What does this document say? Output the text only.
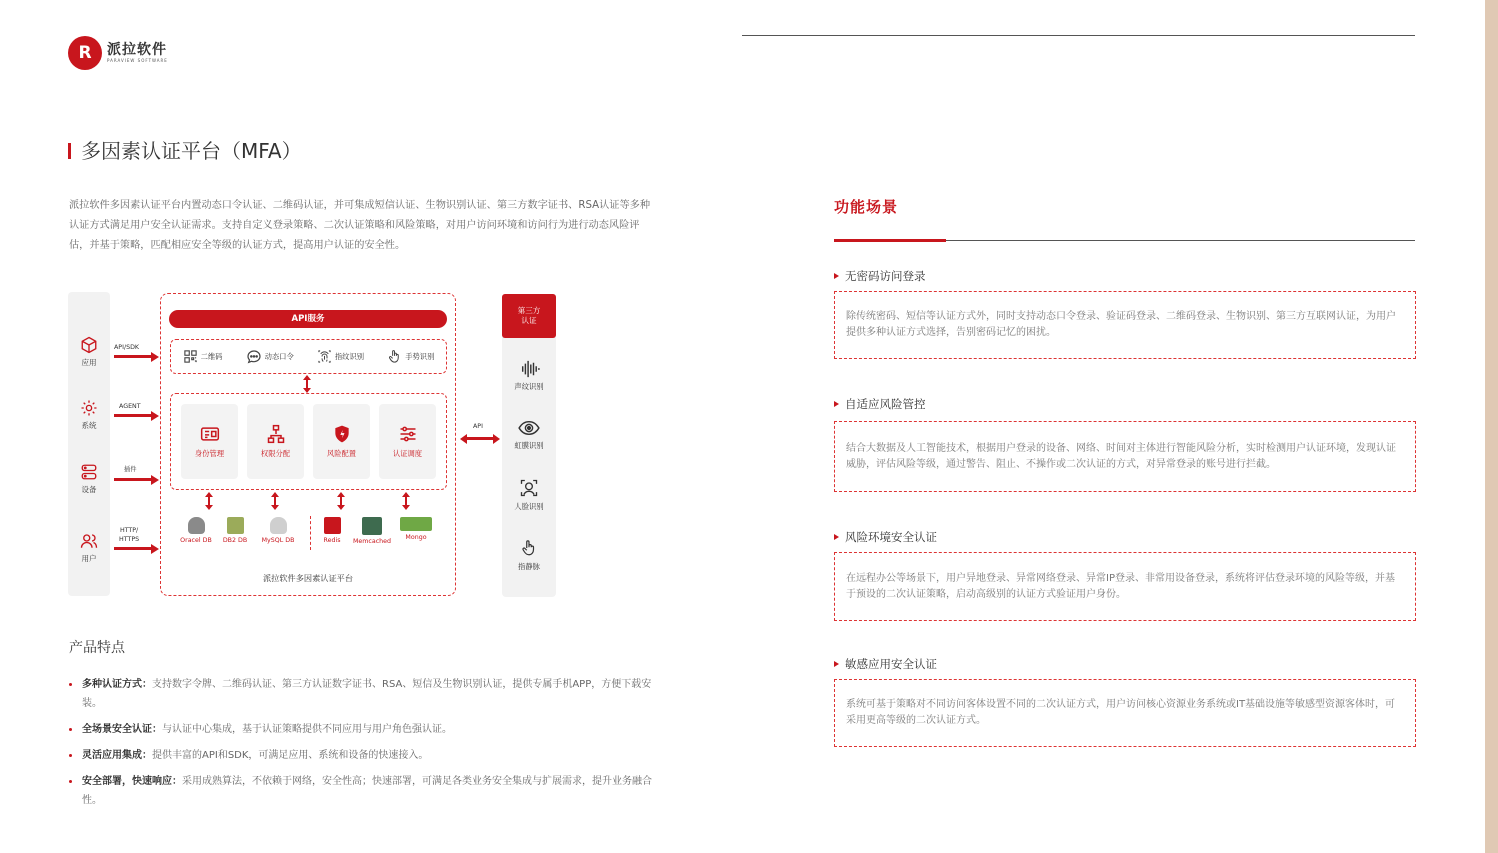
R	派拉软件
PARAVIEW SOFTWARE
多因素认证平台（MFA）
派拉软件多因素认证平台内置动态口令认证、二维码认证，并可集成短信认证、生物识别认证、第三方数字证书、RSA认证等多种认证方式满足用户安全认证需求。支持自定义登录策略、二次认证策略和风险策略，对用户访问环境和访问行为进行动态风险评估，并基于策略，匹配相应安全等级的认证方式，提高用户认证的安全性。
应用
系统
设备
用户
API/SDK
AGENT
插件
HTTP/
HTTPS
API服务
二维码	动态口令	指纹识别	手势识别
身份管理	权限分配	风险配置	认证调度
Oracel DB	DB2 DB	MySQL DB	Redis	Memcached
Mongo
派拉软件多因素认证平台
API
第三方
认证
声纹识别
虹膜识别
人脸识别
指静脉
产品特点
多种认证方式：支持数字令牌、二维码认证、第三方认证数字证书、RSA、短信及生物识别认证，提供专属手机APP，方便下载安装。
全场景安全认证：与认证中心集成，基于认证策略提供不同应用与用户角色强认证。
灵活应用集成：提供丰富的API和SDK，可满足应用、系统和设备的快速接入。
安全部署，快速响应：采用成熟算法，不依赖于网络，安全性高；快速部署，可满足各类业务安全集成与扩展需求，提升业务融合性。
功能场景
无密码访问登录
除传统密码、短信等认证方式外，同时支持动态口令登录、验证码登录、二维码登录、生物识别、第三方互联网认证，为用户提供多种认证方式选择，告别密码记忆的困扰。
自适应风险管控
结合大数据及人工智能技术，根据用户登录的设备、网络、时间对主体进行智能风险分析，实时检测用户认证环境，发现认证威胁，评估风险等级，通过警告、阻止、不操作或二次认证的方式，对异常登录的账号进行拦截。
风险环境安全认证
在远程办公等场景下，用户异地登录、异常网络登录、异常IP登录、非常用设备登录，系统将评估登录环境的风险等级，并基于预设的二次认证策略，启动高级别的认证方式验证用户身份。
敏感应用安全认证
系统可基于策略对不同访问客体设置不同的二次认证方式，用户访问核心资源业务系统或IT基础设施等敏感型资源客体时，可采用更高等级的二次认证方式。
